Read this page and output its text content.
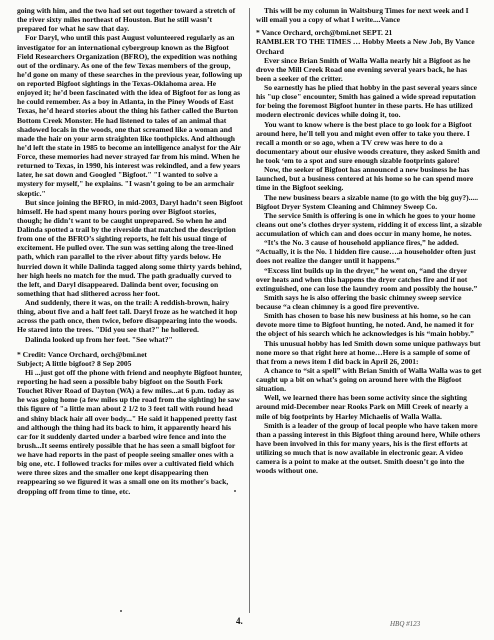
going with him, and the two had set out together toward a stretch of the river sixty miles northeast of Houston. But he still wasn’t prepared for what he saw that day.

For Daryl, who until this past August volunteered regularly as an investigator for an international cybergroup known as the Bigfoot Field Researchers Organization (BFRO), the expedition was nothing out of the ordinary. As one of the few Texas members of the group, he’d gone on many of these searches in the previous year, following up on reported Bigfoot sightings in the Texas-Oklahoma area. He enjoyed it; he’d been fascinated with the idea of Bigfoot for as long as he could remember. As a boy in Atlanta, in the Piney Woods of East Texas, he’d heard stories about the thing his father called the Burton Bottom Creek Monster. He had listened to tales of an animal that shadowed locals in the woods, one that screamed like a woman and made the hair on your arm straighten like toothpicks. And although he’d left the state in 1985 to become an intelligence analyst for the Air Force, these memories had never strayed far from his mind. When he returned to Texas, in 1990, his interest was rekindled, and a few years later, he sat down and Googled "Bigfoot." "I wanted to solve a mystery for myself," he explains. "I wasn’t going to be an armchair skeptic."

But since joining the BFRO, in mid-2003, Daryl hadn’t seen Bigfoot himself. He had spent many hours poring over Bigfoot stories, though; he didn’t want to be caught unprepared. So when he and Dalinda spotted a trail by the riverside that matched the description from one of the BFRO’s sighting reports, he felt his usual tinge of excitement. He pulled over. The sun was setting along the tree-lined path, which ran parallel to the river about fifty yards below. He hurried down it while Dalinda tagged along some thirty yards behind, her high heels no match for the mud. The path gradually curved to the left, and Daryl disappeared. Dalinda bent over, focusing on something that had slithered across her foot.

And suddenly, there it was, on the trail: A reddish-brown, hairy thing, about five and a half feet tall. Daryl froze as he watched it hop across the path once, then twice, before disappearing into the woods. He stared into the trees. "Did you see that?" he hollered.

Dalinda looked up from her feet. "See what?"

* Credit: Vance Orchard, orch@bmi.net

Subject; A little bigfoot? 8 Sep 2005

Hi ...just got off the phone with friend and neophyte Bigfoot hunter, reporting he had seen a possible baby bigfoot on the South Fork Touchet River Road of Dayton (WA) a few miles...at 6 p.m. today as he was going home (a few miles up the road from the sighting) he saw this figure of "a little man about 2 1/2 to 3 feet tall with round head and shiny black hair all over body..." He said it happened pretty fast and although the thing had its back to him, it apparently heard his car for it suddenly darted under a barbed wire fence and into the brush...It seems entirely possible that he has seen a small bigfoot for we have had reports in the past of people seeing smaller ones with a big one, etc. I followed tracks for miles over a cultivated field which were three sizes and the smaller one kept disappearing then reappearing so we figured it was a small one on its mother's back, dropping off from time to time, etc.

This will be my column in Waitsburg Times for next week and I will email you a copy of what I write....Vance

* Vance Orchard, orch@bmi.net SEPT. 21

RAMBLER TO THE TIMES … Hobby Meets a New Job, By Vance Orchard

Ever since Brian Smith of Walla Walla nearly hit a Bigfoot as he drove the Mill Creek Road one evening several years back, he has been a seeker of the critter.

So earnestly has he plied that hobby in the past several years since his "up close" encounter, Smith has gained a wide spread reputation for being the foremost Bigfoot hunter in these parts. He has utilized modern electronic devices while doing it, too.

You want to know where is the best place to go look for a Bigfoot around here, he'll tell you and might even offer to take you there. I recall a month or so ago, when a TV crew was here to do a documentary about our elusive woods creature, they asked Smith and he took ‘em to a spot and sure enough sizable footprints galore!

Now, the seeker of Bigfoot has announced a new business he has launched, but a business centered at his home so he can spend more time in the Bigfoot seeking.

The new business bears a sizable name (to go with the big guy?)..... Bigfoot Dryer System Cleaning and Chimney Sweep Co.

The service Smith is offering is one in which he goes to your home cleans out one’s clothes dryer system, ridding it of excess lint, a sizable accumulation of which can and does occur in many home, he notes.

“It’s the No. 3 cause of household appliance fires,” he added. “Actually, it is the No. 1 hidden fire cause….a householder often just does not realize the danger until it happens.”

“Excess lint builds up in the dryer,” he went on, “and the dryer over heats and when this happens the dryer catches fire and if not extinguished, one can lose the laundry room and possibly the house.”

Smith says he is also offering the basic chimney sweep service because “a clean chimney is a good fire preventive.

Smith has chosen to base his new business at his home, so he can devote more time to Bigfoot hunting, he noted. And, he named it for the object of his search which he acknowledges is his “main hobby.”

This unusual hobby has led Smith down some unique pathways but none more so that right here at home…Here is a sample of some of that from a news item I did back in April 26, 2001:

A chance to “sit a spell” with Brian Smith of Walla Walla was to get caught up a bit on what’s going on around here with the Bigfoot situation.

Well, we learned there has been some activity since the sighting around mid-December near Rooks Park on Mill Creek of nearly a mile of big footprints by Harley Michaelis of Walla Walla.

Smith is a leader of the group of local people who have taken more than a passing interest in this Bigfoot thing around here, While others have been involved in this for many years, his is the first efforts at utilizing so much that is now available in electronic gear. A video camera is a point to make at the outset. Smith doesn’t go into the woods without one.

4.	HBQ #123
